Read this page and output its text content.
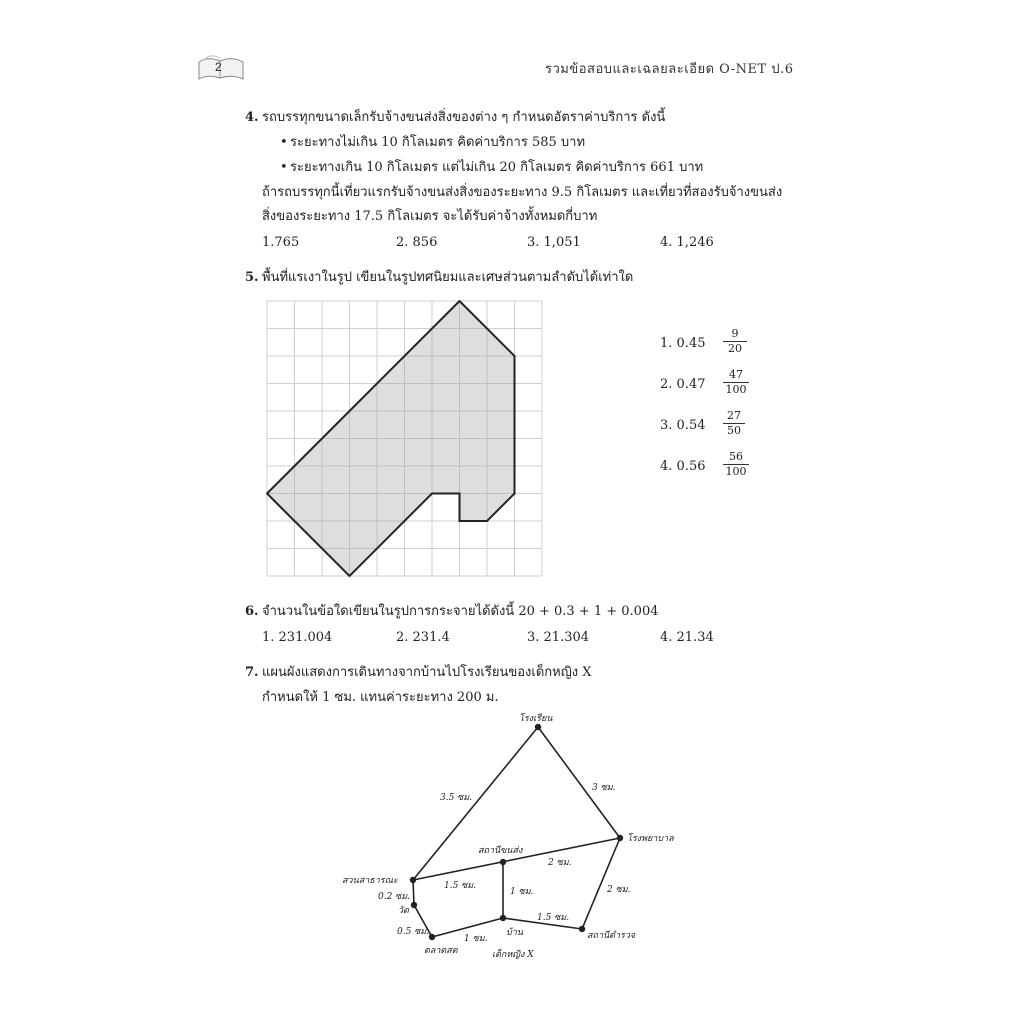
2	รวมข้อสอบและเฉลยละเอียด O-NET ป.6
4. รถบรรทุกขนาดเล็กรับจ้างขนส่งสิ่งของต่าง ๆ กำหนดอัตราค่าบริการ ดังนี้
• ระยะทางไม่เกิน 10 กิโลเมตร คิดค่าบริการ 585 บาท
• ระยะทางเกิน 10 กิโลเมตร แต่ไม่เกิน 20 กิโลเมตร คิดค่าบริการ 661 บาท
ถ้ารถบรรทุกนี้เที่ยวแรกรับจ้างขนส่งสิ่งของระยะทาง 9.5 กิโลเมตร และเที่ยวที่สองรับจ้างขนส่ง
สิ่งของระยะทาง 17.5 กิโลเมตร จะได้รับค่าจ้างทั้งหมดกี่บาท
1.765	2. 856	3. 1,051	4. 1,246
5. พื้นที่แรเงาในรูป เขียนในรูปทศนิยมและเศษส่วนตามลำดับได้เท่าใด
1. $0.45 \frac{9}{20}$
2. $0.47 \frac{47}{100}$
3. $0.54 \frac{27}{50}$
4. $0.56 \frac{56}{100}$
6. จำนวนในข้อใดเขียนในรูปการกระจายได้ดังนี้ 20 + 0.3 + 1 + 0.004
1. 231.004	2. 231.4	3. 21.304	4. 21.34
7. แผนผังแสดงการเดินทางจากบ้านไปโรงเรียนของเด็กหญิง X
กำหนดให้ 1 ซม. แทนค่าระยะทาง 200 ม.
โรงเรียน
โรงพยาบาล
สถานีขนส่ง
สวนสาธารณะ
วัด
ตลาดสด
บ้าน
เด็กหญิง X
สถานีตำรวจ
3.5 ซม.
3 ซม.
2 ซม.
1.5 ซม.
1 ซม.	2 ซม.
1.5 ซม.
0.2 ซม.
0.5 ซม.
1 ซม.
